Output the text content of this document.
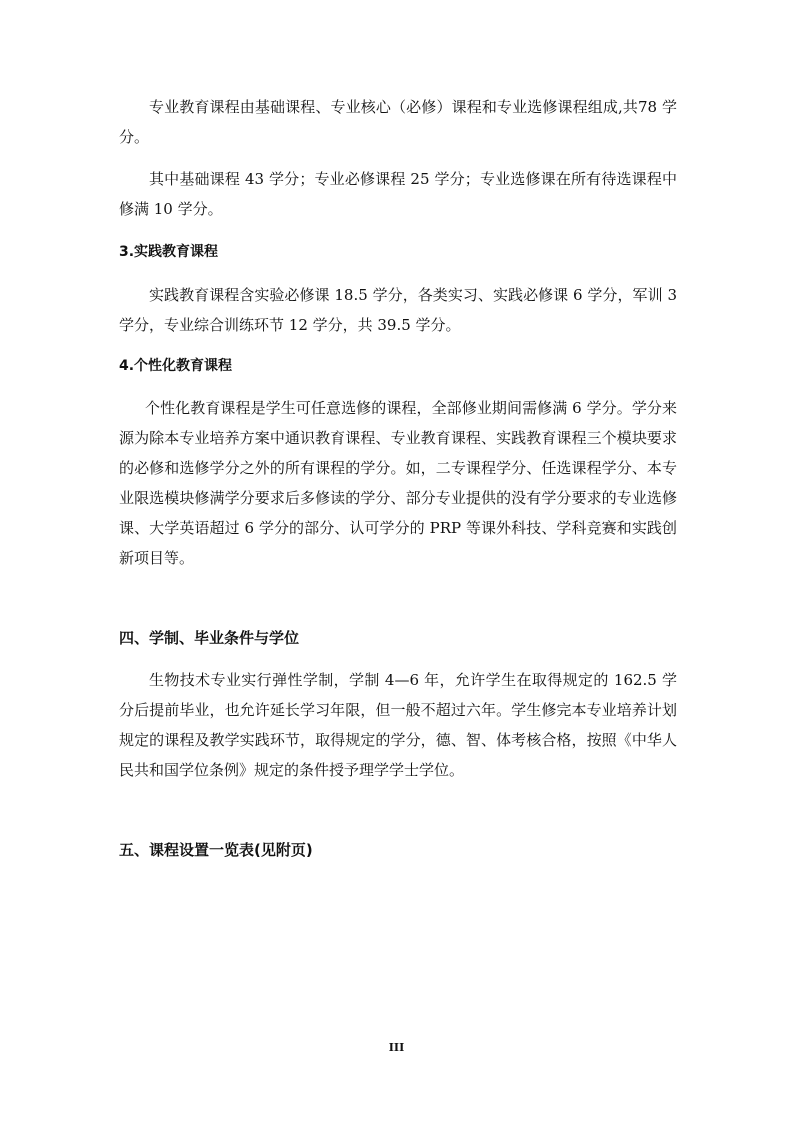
专业教育课程由基础课程、专业核心（必修）课程和专业选修课程组成,共78 学分。

其中基础课程 43 学分；专业必修课程 25 学分；专业选修课在所有待选课程中修满 10 学分。

3.实践教育课程

实践教育课程含实验必修课 18.5 学分，各类实习、实践必修课 6 学分，军训 3 学分，专业综合训练环节 12 学分，共 39.5 学分。

4.个性化教育课程

个性化教育课程是学生可任意选修的课程，全部修业期间需修满 6 学分。学分来源为除本专业培养方案中通识教育课程、专业教育课程、实践教育课程三个模块要求的必修和选修学分之外的所有课程的学分。如，二专课程学分、任选课程学分、本专业限选模块修满学分要求后多修读的学分、部分专业提供的没有学分要求的专业选修课、大学英语超过 6 学分的部分、认可学分的 PRP 等课外科技、学科竞赛和实践创新项目等。

四、学制、毕业条件与学位

生物技术专业实行弹性学制，学制 4—6 年，允许学生在取得规定的 162.5 学分后提前毕业，也允许延长学习年限，但一般不超过六年。学生修完本专业培养计划规定的课程及教学实践环节，取得规定的学分，德、智、体考核合格，按照《中华人民共和国学位条例》规定的条件授予理学学士学位。

五、课程设置一览表(见附页)
III
